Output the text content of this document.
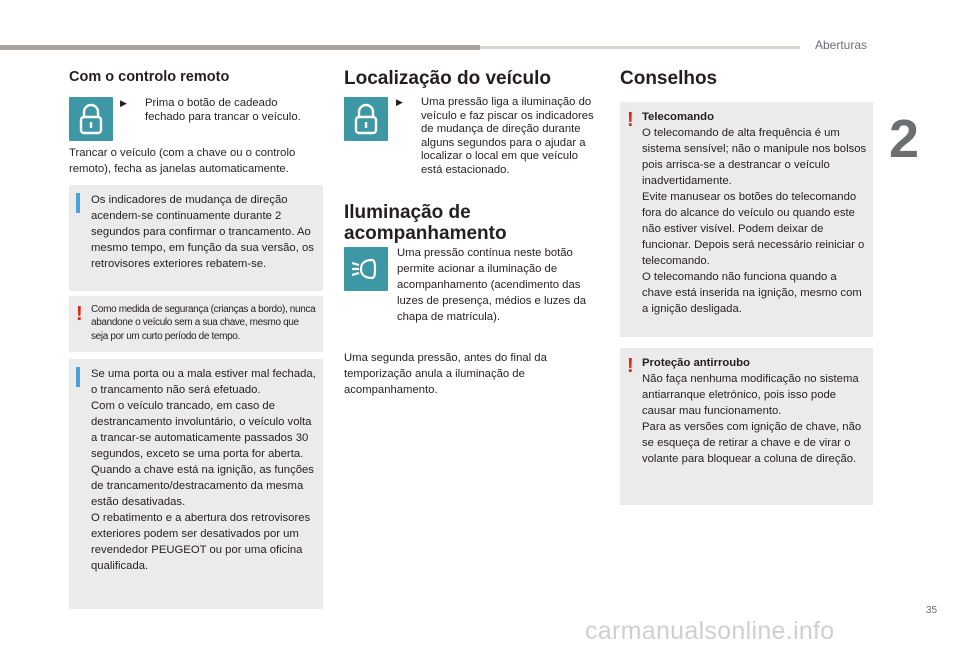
Aberturas
2
Com o controlo remoto
▶	Prima o botão de cadeado fechado para trancar o veículo.
Trancar o veículo (com a chave ou o controlo remoto), fecha as janelas automaticamente.
Os indicadores de mudança de direção acendem-se continuamente durante 2 segundos para confirmar o trancamento. Ao mesmo tempo, em função da sua versão, os retrovisores exteriores rebatem-se.
! Como medida de segurança (crianças a bordo), nunca abandone o veículo sem a sua chave, mesmo que seja por um curto período de tempo.
Se uma porta ou a mala estiver mal fechada, o trancamento não será efetuado.
Com o veículo trancado, em caso de destrancamento involuntário, o veículo volta a trancar-se automaticamente passados 30 segundos, exceto se uma porta for aberta.
Quando a chave está na ignição, as funções de trancamento/destracamento da mesma estão desativadas.
O rebatimento e a abertura dos retrovisores exteriores podem ser desativados por um revendedor PEUGEOT ou por uma oficina qualificada.
Localização do veículo
▶	Uma pressão liga a iluminação do veículo e faz piscar os indicadores de mudança de direção durante alguns segundos para o ajudar a localizar o local em que veículo está estacionado.
Iluminação de
acompanhamento
Uma pressão contínua neste botão permite acionar a iluminação de acompanhamento (acendimento das luzes de presença, médios e luzes da chapa de matrícula).
Uma segunda pressão, antes do final da temporização anula a iluminação de acompanhamento.
Conselhos
! Telecomando
O telecomando de alta frequência é um sistema sensível; não o manipule nos bolsos pois arrisca-se a destrancar o veículo inadvertidamente.
Evite manusear os botões do telecomando fora do alcance do veículo ou quando este não estiver visível. Podem deixar de funcionar. Depois será necessário reiniciar o telecomando.
O telecomando não funciona quando a chave está inserida na ignição, mesmo com a ignição desligada.
! Proteção antirroubo
Não faça nenhuma modificação no sistema antiarranque eletrónico, pois isso pode causar mau funcionamento.
Para as versões com ignição de chave, não se esqueça de retirar a chave e de virar o volante para bloquear a coluna de direção.
35
carmanualsonline.info
